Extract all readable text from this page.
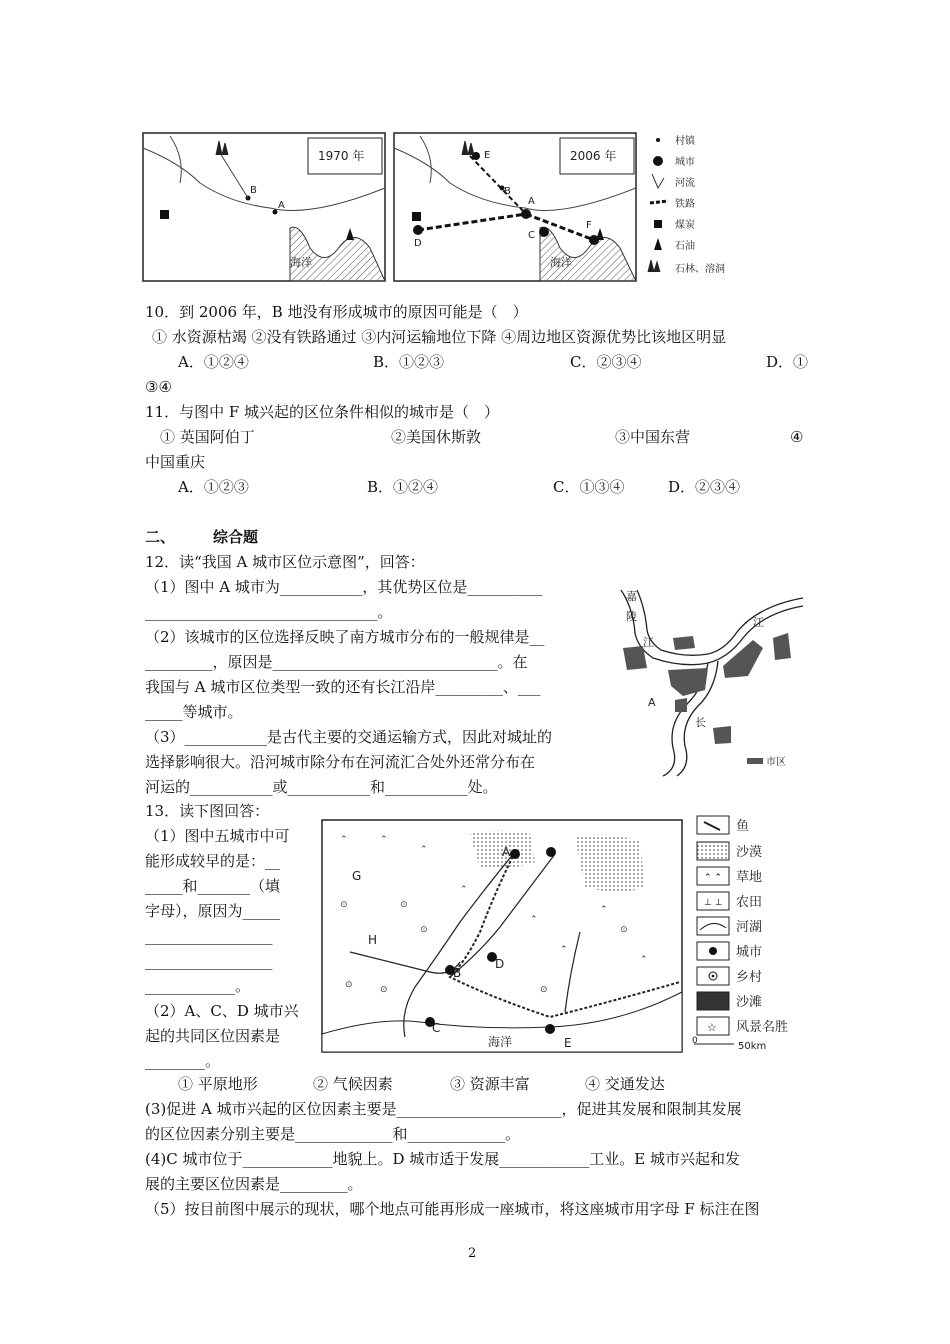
1970 年
B
A
海洋
2006 年
E
B
A
C
D
F
海洋
村镇
城市
河流
铁路
煤炭
石油
石林、溶洞
10．到 2006 年，B 地没有形成城市的原因可能是（　）
① 水资源枯竭 ②没有铁路通过 ③内河运输地位下降 ④周边地区资源优势比该地区明显
A．①②④	B．①②③	C．②③④	D．①
③④
11．与图中 F 城兴起的区位条件相似的城市是（　）
① 英国阿伯丁	②美国休斯敦	③中国东营	④
中国重庆
A．①②③	B．①②④	C．①③④	D．②③④
二、	综合题
12．读“我国 A 城市区位示意图”，回答：
（1）图中 A 城市为___________，其优势区位是__________
_______________________________。
（2）该城市的区位选择反映了南方城市分布的一般规律是__
_________，原因是______________________________。在
我国与 A 城市区位类型一致的还有长江沿岸_________、___
_____等城市。
（3）___________是古代主要的交通运输方式，因此对城址的
选择影响很大。沿河城市除分布在河流汇合处外还常分布在
河运的___________或___________和___________处。
嘉
陵
江
江
长
A
市区
13．读下图回答：
（1）图中五城市中可
能形成较早的是：__
_____和_______（填
字母），原因为_____
_________________
_________________
____________。
（2）A、C、D 城市兴
起的共同区位因素是
________。
A
B
C
D
E
G
H
海洋
⌃	⌃
⌃
⊙	⊙
⊙	⊙
⊙
⊙
⊙
⌃
⌃
⌃
⌃
⌃
0	50km
鱼
沙漠
⌃ ⌃ 草地
⊥ ⊥ 农田
河湖
城市
乡村
沙滩
☆ 风景名胜
① 平原地形	② 气候因素	③ 资源丰富	④ 交通发达
(3)促进 A 城市兴起的区位因素主要是______________________，促进其发展和限制其发展
的区位因素分别主要是_____________和_____________。
(4)C 城市位于____________地貌上。D 城市适于发展____________工业。E 城市兴起和发
展的主要区位因素是_________。
（5）按目前图中展示的现状，哪个地点可能再形成一座城市，将这座城市用字母 F 标注在图
2
